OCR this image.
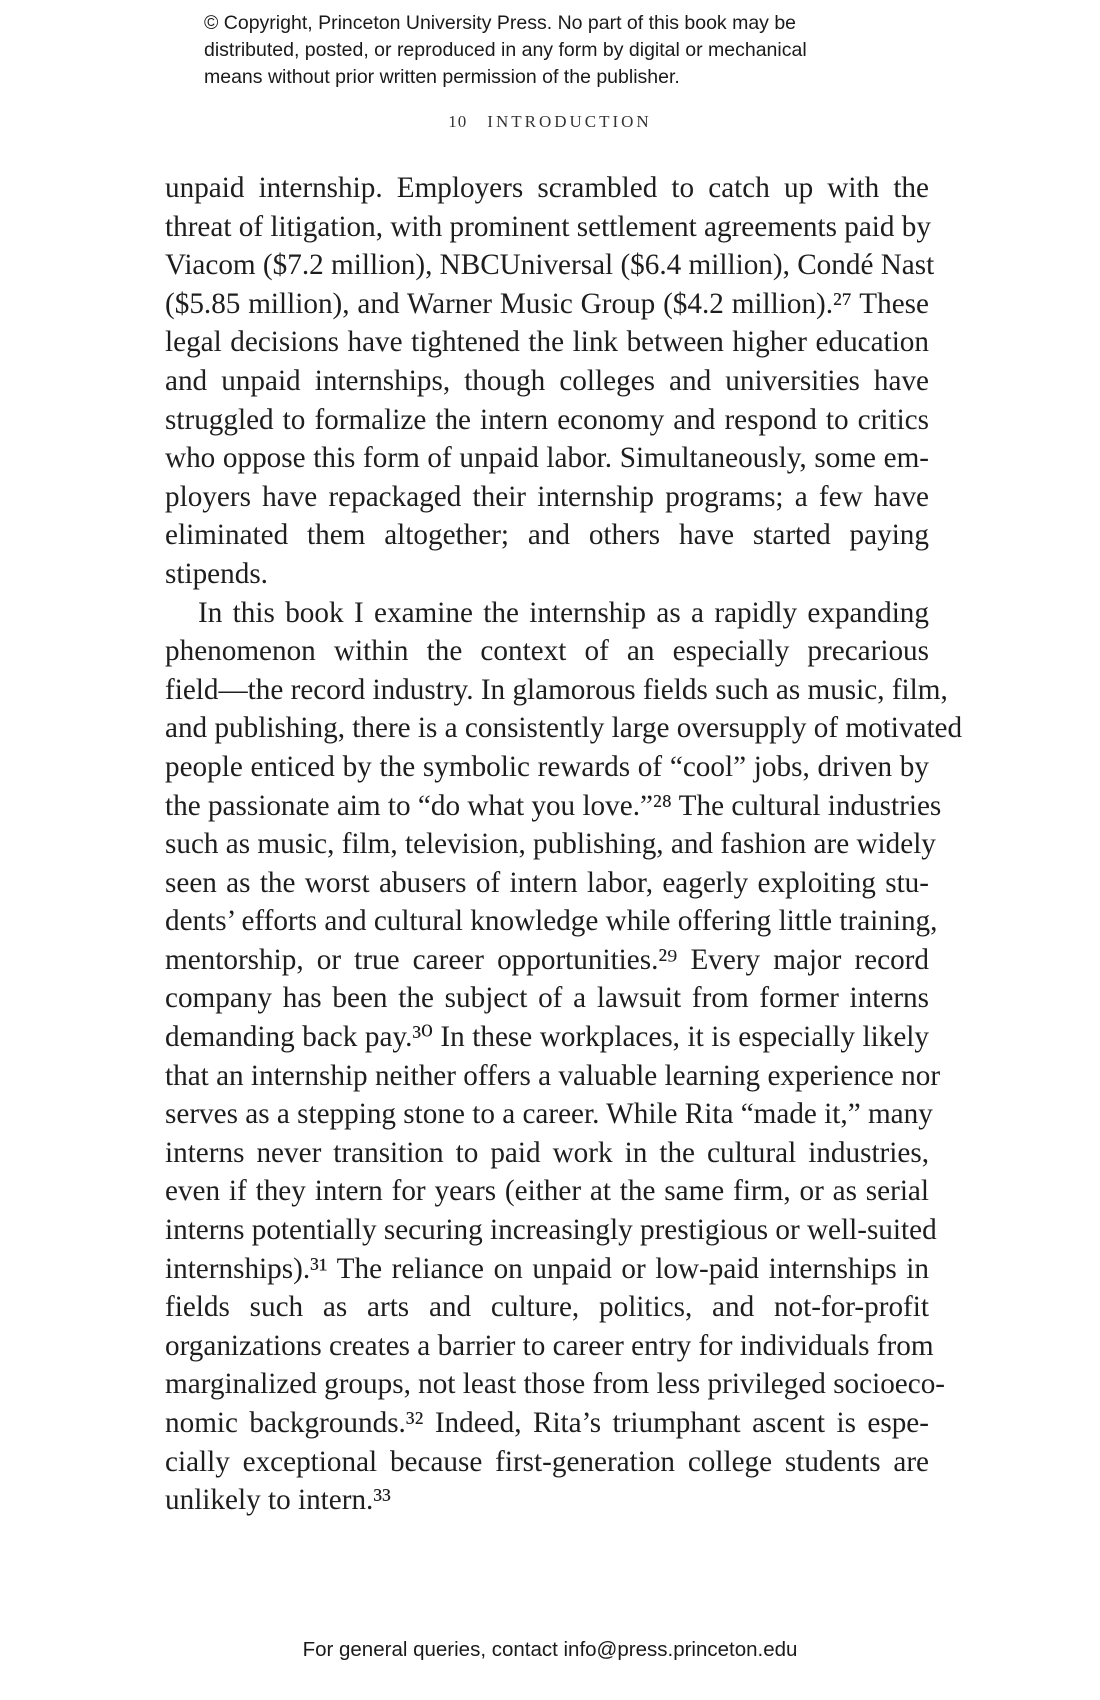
© Copyright, Princeton University Press. No part of this book may be
distributed, posted, or reproduced in any form by digital or mechanical
means without prior written permission of the publisher.
10 INTRODUCTION
unpaid internship. Employers scrambled to catch up with the
threat of litigation, with prominent settlement agreements paid by
Viacom ($7.2 million), NBCUniversal ($6.4 million), Condé Nast
($5.85 million), and Warner Music Group ($4.2 million).²⁷ These
legal decisions have tightened the link between higher education
and unpaid internships, though colleges and universities have
struggled to formalize the intern economy and respond to critics
who oppose this form of unpaid labor. Simultaneously, some em-
ployers have repackaged their internship programs; a few have
eliminated them altogether; and others have started paying
stipends.
In this book I examine the internship as a rapidly expanding
phenomenon within the context of an especially precarious
field—the record industry. In glamorous fields such as music, film,
and publishing, there is a consistently large oversupply of motivated
people enticed by the symbolic rewards of “cool” jobs, driven by
the passionate aim to “do what you love.”²⁸ The cultural industries
such as music, film, television, publishing, and fashion are widely
seen as the worst abusers of intern labor, eagerly exploiting stu-
dents’ efforts and cultural knowledge while offering little training,
mentorship, or true career opportunities.²⁹ Every major record
company has been the subject of a lawsuit from former interns
demanding back pay.³⁰ In these workplaces, it is especially likely
that an internship neither offers a valuable learning experience nor
serves as a stepping stone to a career. While Rita “made it,” many
interns never transition to paid work in the cultural industries,
even if they intern for years (either at the same firm, or as serial
interns potentially securing increasingly prestigious or well-suited
internships).³¹ The reliance on unpaid or low-paid internships in
fields such as arts and culture, politics, and not-for-profit
organizations creates a barrier to career entry for individuals from
marginalized groups, not least those from less privileged socioeco-
nomic backgrounds.³² Indeed, Rita’s triumphant ascent is espe-
cially exceptional because first-generation college students are
unlikely to intern.³³
For general queries, contact info@press.princeton.edu
